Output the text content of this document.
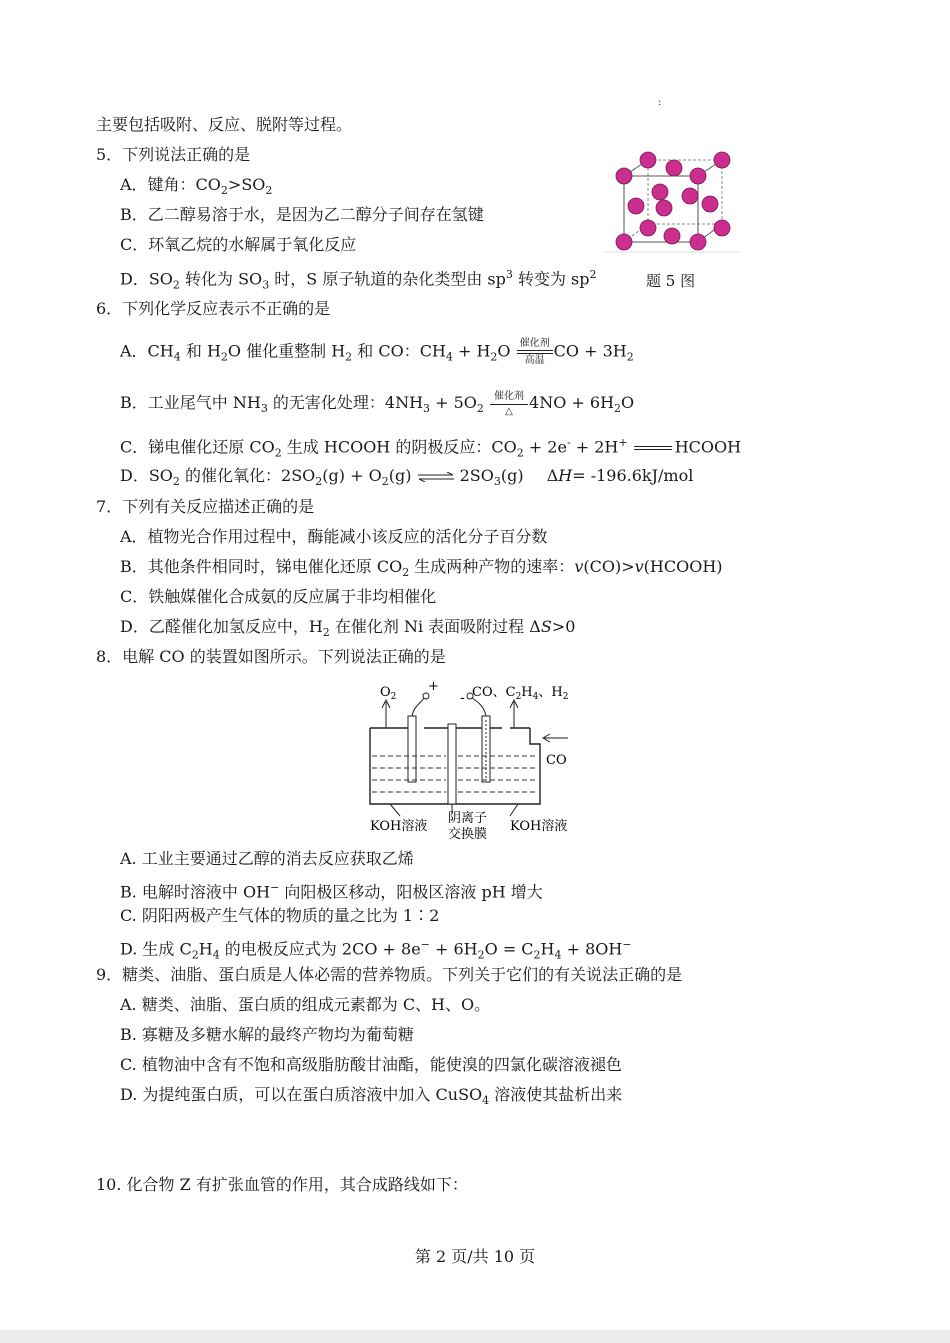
主要包括吸附、反应、脱附等过程。
:
5．下列说法正确的是
A．键角：$CO_2>SO_2$
B．乙二醇易溶于水，是因为乙二醇分子间存在氢键
C．环氧乙烷的水解属于氧化反应
D．$SO_2$ 转化为 $SO_3$ 时，S 原子轨道的杂化类型由 $sp^3$ 转变为 $sp^2$	题 5 图
6．下列化学反应表示不正确的是
A．$CH_4$ 和 $H_2O$ 催化重整制 $H_2$ 和 CO：$CH_4 + H_2O$ 催化剂
高温 CO + $3H_2$
B．工业尾气中 $NH_3$ 的无害化处理：$4NH_3 + 5O_2$
催化剂
△	$4NO + 6H_2O$
C．锑电催化还原 $CO_2$ 生成 HCOOH 的阴极反应：$CO_2 + 2e^- + 2H^+$	HCOOH
D．$SO_2$ 的催化氧化：$2SO_2(g) + O_2(g)$ ⇌ $2SO_3(g)$ ΔH= -196.6kJ/mol
7．下列有关反应描述正确的是
A．植物光合作用过程中，酶能减小该反应的活化分子百分数
B．其他条件相同时，锑电催化还原 $CO_2$ 生成两种产物的速率：v(CO)>v(HCOOH)
C．铁触媒催化合成氨的反应属于非均相催化
D．乙醛催化加氢反应中，$H_2$ 在催化剂 Ni 表面吸附过程 ΔS>0
8．电解 CO 的装置如图所示。下列说法正确的是
$O_2$
+
- CO、$C_2H_4$、$H_2$
CO
KOH溶液
阴离子
交换膜
KOH溶液
A. 工业主要通过乙醇的消去反应获取乙烯
B. 电解时溶液中 OH− 向阳极区移动，阳极区溶液 pH 增大
C. 阴阳两极产生气体的物质的量之比为 1∶2
D. 生成 $C_2H_4$ 的电极反应式为 $2CO + 8e^- + 6H_2O = C_2H_4 + 8OH^-$
9．糖类、油脂、蛋白质是人体必需的营养物质。下列关于它们的有关说法正确的是
A. 糖类、油脂、蛋白质的组成元素都为 C、H、O。
B. 寡糖及多糖水解的最终产物均为葡萄糖
C. 植物油中含有不饱和高级脂肪酸甘油酯，能使溴的四氯化碳溶液褪色
D. 为提纯蛋白质，可以在蛋白质溶液中加入 CuSO$_4$ 溶液使其盐析出来
10. 化合物 Z 有扩张血管的作用，其合成路线如下：
第 2 页/共 10 页
